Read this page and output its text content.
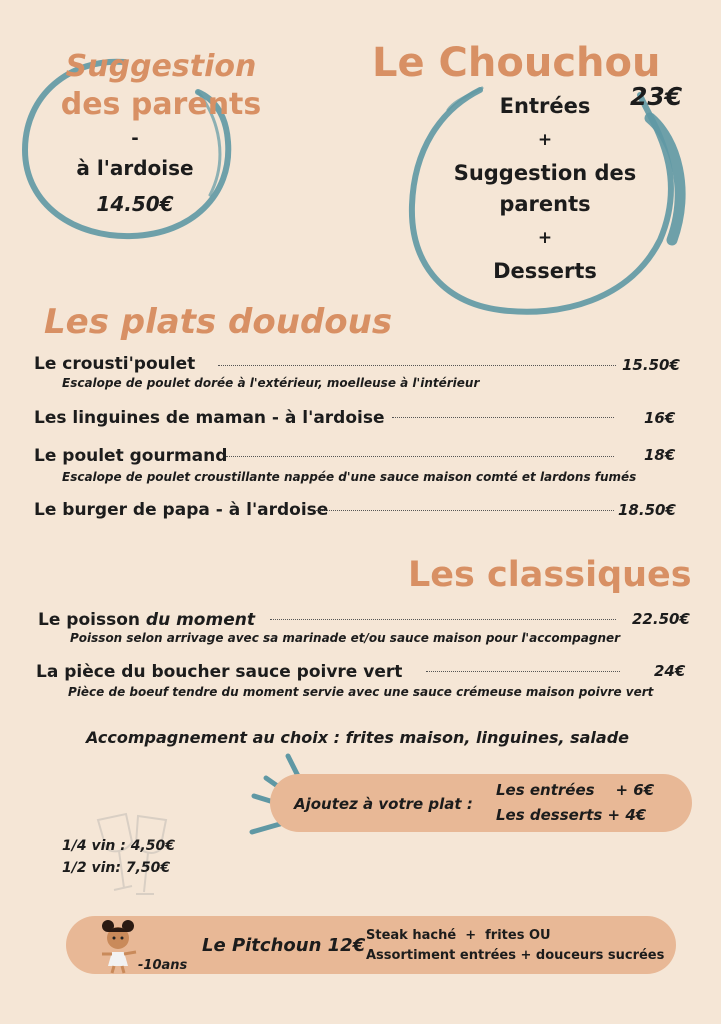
Suggestion
des parents
-
à l'ardoise
14.50€
Le Chouchou
23€
Entrées
+
Suggestion des
parents
+
Desserts
Les plats doudous
Le crousti'poulet	15.50€
Escalope de poulet dorée à l'extérieur, moelleuse à l'intérieur
Les linguines de maman - à l'ardoise	16€
Le poulet gourmand	18€
Escalope de poulet croustillante nappée d'une sauce maison comté et lardons fumés
Le burger de papa - à l'ardoise	18.50€
Les classiques
Le poisson du moment	22.50€
Poisson selon arrivage avec sa marinade et/ou sauce maison pour l'accompagner
La pièce du boucher sauce poivre vert	24€
Pièce de boeuf tendre du moment servie avec une sauce crémeuse maison poivre vert
Accompagnement au choix : frites maison, linguines, salade
Ajoutez à votre plat :
Les entrées    + 6€
Les desserts + 4€
1/4 vin : 4,50€
1/2 vin: 7,50€
-10ans
Le Pitchoun 12€ Steak haché  +  frites OU
Assortiment entrées + douceurs sucrées
